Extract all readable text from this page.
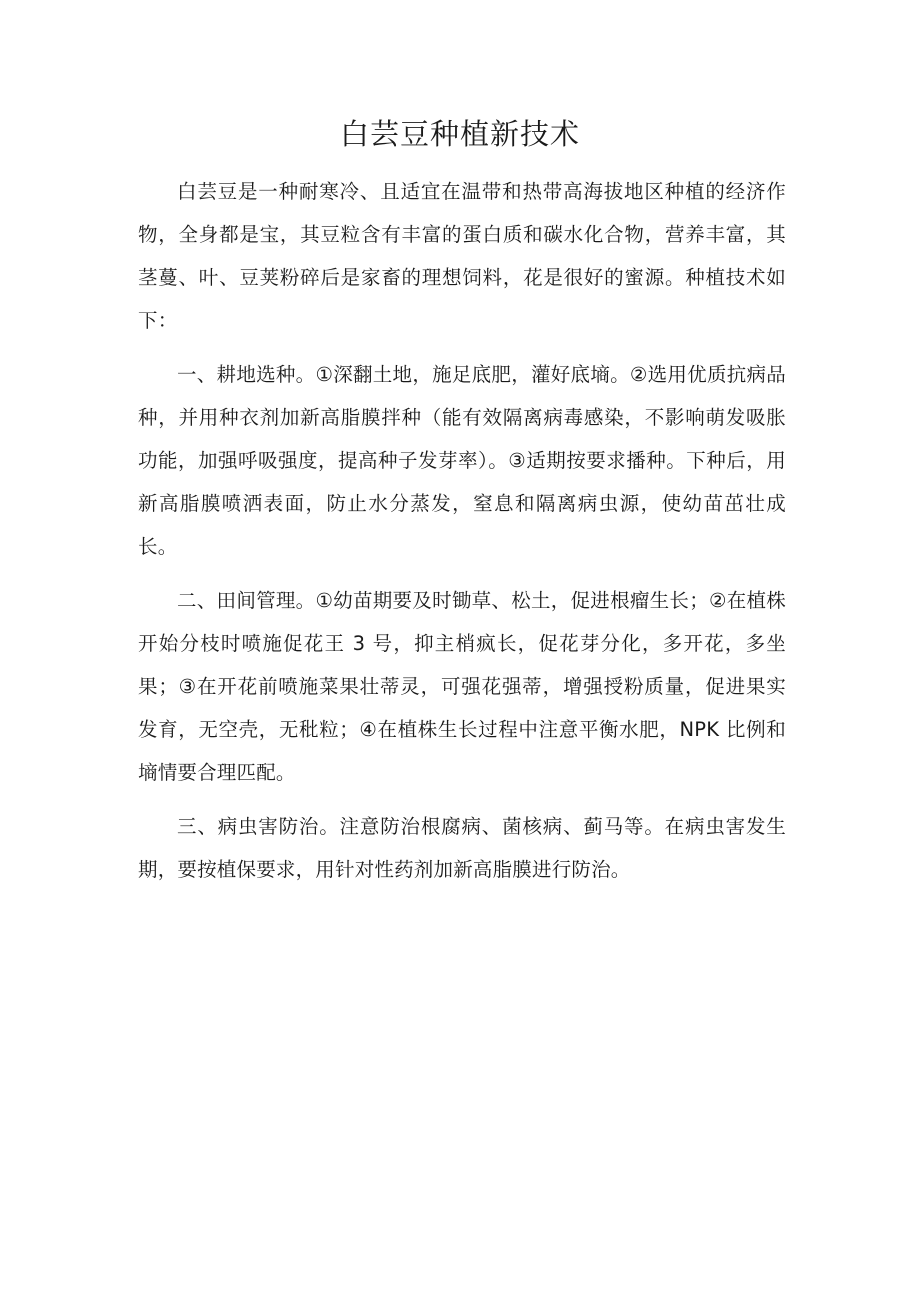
白芸豆种植新技术

白芸豆是一种耐寒冷、且适宜在温带和热带高海拔地区种植的经济作物，全身都是宝，其豆粒含有丰富的蛋白质和碳水化合物，营养丰富，其茎蔓、叶、豆荚粉碎后是家畜的理想饲料，花是很好的蜜源。种植技术如下：

一、耕地选种。①深翻土地，施足底肥，灌好底墒。②选用优质抗病品种，并用种衣剂加新高脂膜拌种（能有效隔离病毒感染，不影响萌发吸胀功能，加强呼吸强度，提高种子发芽率）。③适期按要求播种。下种后，用新高脂膜喷洒表面，防止水分蒸发，窒息和隔离病虫源，使幼苗茁壮成长。

二、田间管理。①幼苗期要及时锄草、松土，促进根瘤生长；②在植株开始分枝时喷施促花王 3 号，抑主梢疯长，促花芽分化，多开花，多坐果；③在开花前喷施菜果壮蒂灵，可强花强蒂，增强授粉质量，促进果实发育，无空壳，无秕粒；④在植株生长过程中注意平衡水肥，NPK 比例和墒情要合理匹配。

三、病虫害防治。注意防治根腐病、菌核病、蓟马等。在病虫害发生期，要按植保要求，用针对性药剂加新高脂膜进行防治。
